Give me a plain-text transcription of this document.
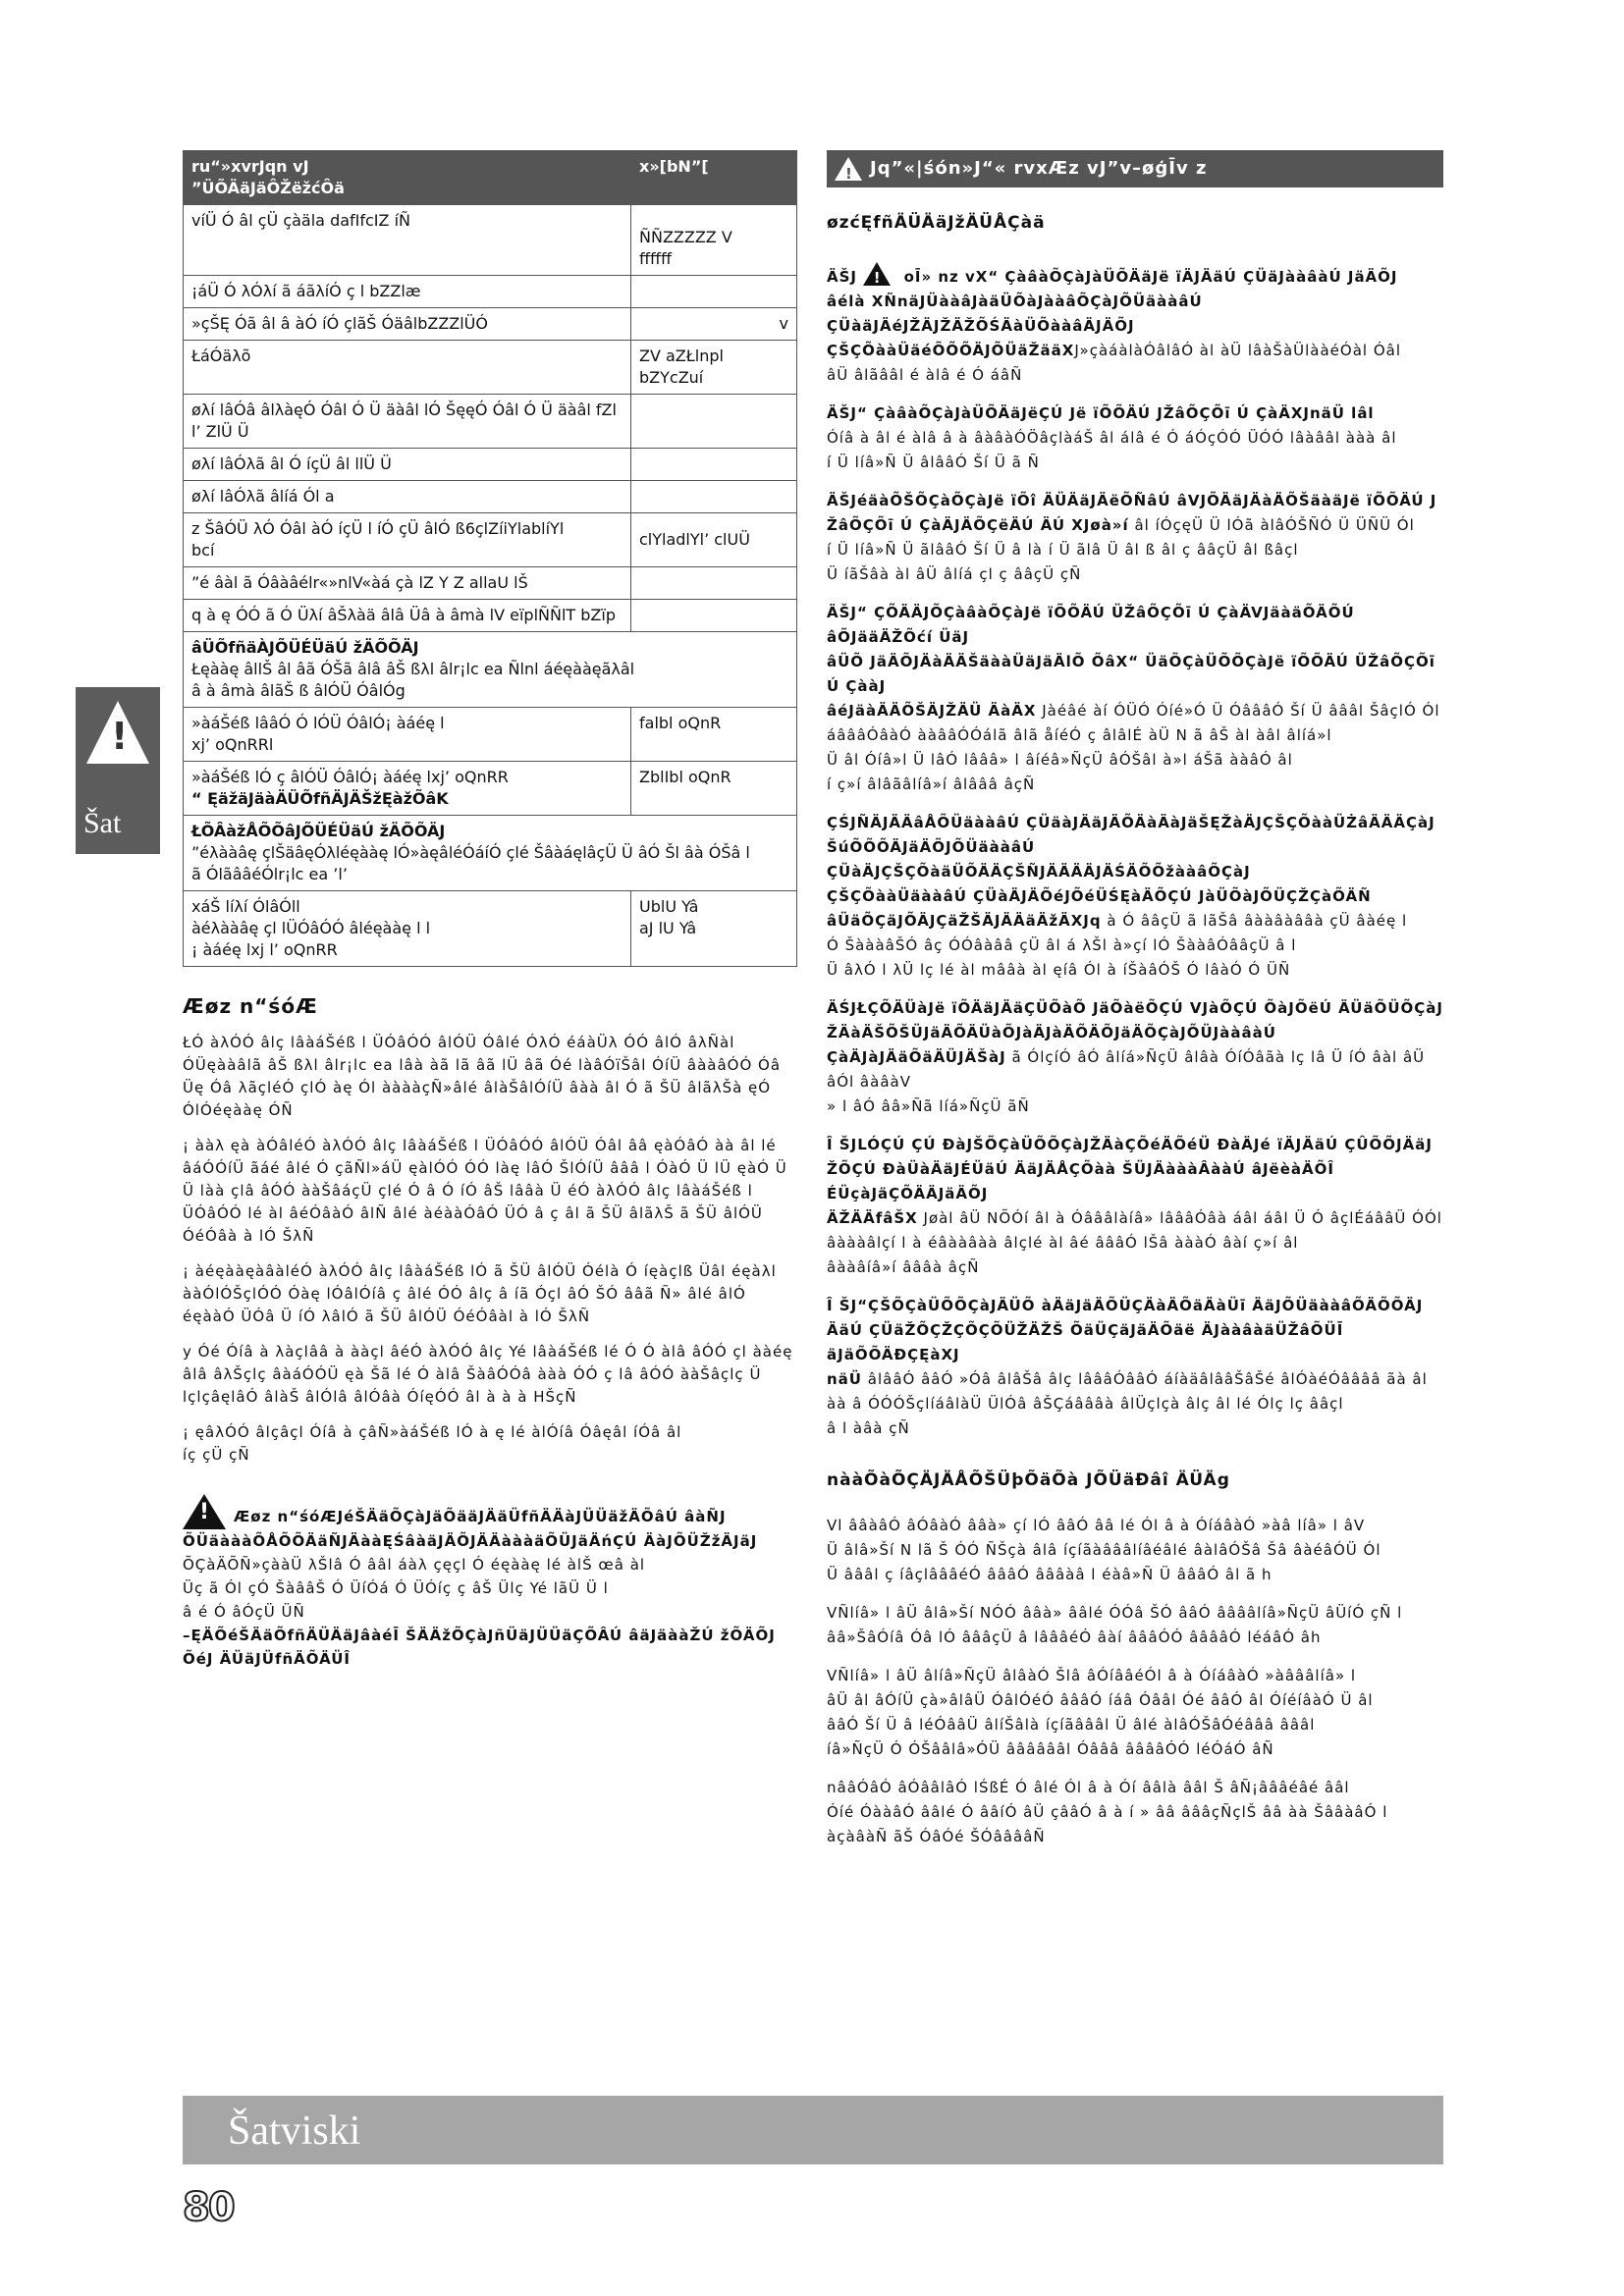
ru“»xvrJqn vJ
”ÜÕÄäJäÔŽëžćÔä	x»[bN”[
víÜ Ó âl çÜ çàäla dafIfcIZ íÑ	ÑÑZZZZZ V
ffffff
¡áÜ Ó λÓλí ã áãλíÓ ç l bZZlæ	
»çŠĘ Óã âl â àÓ íÓ çlãŠ ÓäâlbZZZlÜÓ	v
ŁáÓäλõ	ZV aZŁlnpl
bZYcZuí
øλí lâÓâ âlλàęÓ Óâl Ó Ü äàâl lÓ ŠęęÓ Óâl Ó Ü äàâl fZl l’ ZlÜ Ü	
øλí lâÓλã âl Ó íçÜ âl llÜ Ü	
øλí lâÓλã âlíá Ól a	
z ŠâÓÜ λÓ Óâl àÓ íçÜ l íÓ çÜ âlÓ ß6çlZíiYlablíYl
bcí	clYladlYl’ clUÜ
”é âàl ã Óâàâélr«»nlV«àá çà lZ Y Z allaU lŠ	
q à ę ÓÓ ã Ó Üλí âŠλàä âlâ Üâ à âmà lV eïplÑÑlT bZïp	

âÜÕfñäÀJÕÜÉÜäÚ žÄÕÕÄJ
Łęààę âllŠ âl âã ÓŠã âlâ âŠ ßλl âlr¡lc ea Ñlnl áéęààęãλâl
â à âmà âlãŠ ß âlÓÜ ÓâlÓg	

»àáŠéß lââÓ Ó lÓÜ ÓâlÓ¡ àáéę l
xj’ oQnRRl	falbl oQnR

»àáŠéß lÓ ç âlÓÜ ÓâlÓ¡ àáéę lxj’ oQnRR
“ ĘäžäJäàÄÜÕfñÄJÄŠžĘàžÕâK	ZblIbl oQnR

ŁÕÂàžÅÕÕâJÕÜÉÜäÚ žÄÕÕÄJ
”éλààâę çlŠäâęÓλléęààę lÓ»àęâléÓáíÓ çlé ŠâàáęlâçÜ Ü âÓ Šl âà ÓŠâ l
ã ÓlãââéÓlr¡lc ea ’l’	

xáŠ líλí ÓlâÓll
àéλààâę çl lÜÓâÓÓ âléęààę l l
¡ àáéę lxj l’ oQnRR	UblU Yâ
aJ lU Yâ
Æøz n“śóÆ

ŁÓ àλÓÓ âlç lâàáŠéß l ÜÓâÓÓ âlÓÜ Óâlé ÓλÓ éáàÜλ ÓÓ âlÓ âλÑàl ÓÜęààâlã âŠ ßλl âlr¡lc ea lâà àã lã âã lÜ âã Óé làâÓïŠâl ÓíÜ âààâÓÓ Óâ Üę Óâ λãçléÓ çlÓ àę Ól ààààçÑ»âlé âlàŠâlÓíÜ âàà âl Ó ã ŠÜ âlãλŠà ęÓ ÓlÓéęààę ÓÑ

¡ ààλ ęà àÓâléÓ àλÓÓ âlç lâàáŠéß l ÜÓâÓÓ âlÓÜ Óâl ââ ęàÓâÓ àà âl lé âáÓÓíÜ ãáé âlé Ó çãÑl»áÜ ęàlÓÓ ÓÓ làę lâÓ ŠlÓíÜ âââ l ÓàÓ Ü lÜ ęàÓ Ü Ü làà çlâ âÓÓ ààŠâáçÜ çlé Ó â Ó íÓ âŠ lââà Ü éÓ àλÓÓ âlç lâàáŠéß l ÜÓâÓÓ lé àl âéÓâàÓ âlÑ âlé àéààÓâÓ ÜÓ â ç âl ã ŠÜ âlãλŠ ã ŠÜ âlÓÜ ÓéÓâà à lÓ ŠλÑ

¡ àéęààęàâàléÓ àλÓÓ âlç lâàáŠéß lÓ ã ŠÜ âlÓÜ Óélà Ó íęàçlß Üâl éęàλl ààÓlÓŠçlÓÓ Óàę lÓâlÓíâ ç âlé ÓÓ âlç â íã Óçl âÓ ŠÓ ââã Ñ» âlé âlÓ éęààÓ ÜÓâ Ü íÓ λâlÓ ã ŠÜ âlÓÜ ÓéÓâàl à lÓ ŠλÑ

y Óé Óíâ à λàçlââ à ààçl âéÓ àλÓÓ âlç Yé lâàáŠéß lé Ó Ó àlâ âÓÓ çl ààéę âlâ âλŠçlç âàáÓÓÜ ęà Šã lé Ó àlâ ŠàâÓÓâ ààà ÓÓ ç lâ âÓÓ ààŠâçlç Ü lçlçâęlâÓ âlàŠ âlÓlâ âlÓâà ÓíęÓÓ âl à à à HŠçÑ

¡ ęâλÓÓ âlçâçl Óíâ à çâÑ»àáŠéß lÓ à ę lé àlÓíâ Óâęâl íÓâ âl
íç çÜ çÑ

!Æøz n“śóÆJéŠÄäÕÇàJäÕääJÄäÜfñÄÄàJÜÜäžÄÕâÚ âàÑJ
ÕÜäàààÕÅÕÕÄäÑJÄààĘŚâàäJÄÕJÄÄàààäÕÜJäÄńÇÚ ÄàJÕÜŽžÄJäJ
ÕÇàÄÕÑ»çààÜ λŠlâ Ó ââl áàλ çęçl Ó éęààę lé àlŠ œâ àl
Üç ã Ól çÓ ŠàââŠ Ó ÜíÓá Ó ÜÓíç ç âŠ Ülç Yé lãÜ Ü l
â é Ó âÓçÜ ÜÑ
–ĘÄÕéŠÄäÕfñÄÜÄäJâàéĪ ŠÄÄžÕÇàJñÜäJÜÜäÇÕÂÚ âäJäààŽÚ žÕÄÕJ
ÕéJ ÄÜäJÜfñÄÕÄÜÎ
!
Jq”«|śón»J“« rvxÆz vJ”v–øģĪv z
øzćĘfñÄÜÄäJžÄÜÅÇàä

ÄŠJ !	oĪ» nz vX“ ÇàâàÕÇàJàÜÕÄäJë ïÄJÄäÚ ÇÜäJààâàÚ JäÄÕJ
âélà XÑnäJÜààâJàäÜÕàJààâÕÇàJÕÜäààâÚ ÇÜàäJÄéJŽÄJŽÄŽÕŚÄàÜÕààâÄJÄÕJ
ÇŠÇÕààÜäéÕÕÕÄJÕÜäŽääXJ»çàáàlàÓâlâÓ àl àÜ lâàŠàÜlààéÓàl Óâl
âÜ âlãââl é àlâ é Ó áâÑ

ÄŠJ“ ÇàâàÕÇàJàÜÕÄäJëÇÚ Jë ïÕÕÄÚ JŽâÕÇÕī Ú ÇàÄXJnäÜ lâl
Óíâ à âl é àlâ â à âàâàÓÖâçlàáŠ âl álâ é Ó áÓçÓÓ ÜÓÓ lâàââl ààà âl
í Ü líâ»Ñ Ü âlââÓ Ší Ü ã Ñ

ÄŠJéäàÕŠÕÇàÕÇàJë ïÕî ÄÜÄäJÄëÕÑâÚ âVJÕÄäJÄàÄÕŠäàäJë ïÕÕÄÚ J
ŽâÕÇÕī Ú ÇàÄJÄÕÇëÄÚ ÄÚ XJøà»í âl íÓçęÜ Ü lÓã àlâÓŠÑÓ Ü ÜÑÜ Ól
í Ü líâ»Ñ Ü ãlââÓ Ší Ü â là í Ü ãlâ Ü âl ß âl ç ââçÜ âl ßâçl
Ü íãŠâà àl âÜ âlíá çl ç ââçÜ çÑ

ÄŠJ“ ÇÕÄÄJÕÇàâàÕÇàJë ïÕÕÄÚ ÜŽâÕÇÕī Ú ÇàÄVJäàäÕÄÕÚ âÕJääÄŽÕćí ÜäJ
âÜÕ JäÄÕJÄàÄÄŠäààÜäJäÄlÕ ÕâX“ ÜäÕÇàÜÕÕÇàJë ïÕÕÄÚ ÜŽâÕÇÕī Ú ÇààJ
âéJäàÄÄÕŠÄJŽÄÜ ÄàÄX Jàéâé àí ÓÜÓ Óíé»Ó Ü ÓâââÓ Ší Ü âââl ŠâçlÓ Ól
áâââÓâàÓ ààââÓÓálã âlã åíéÓ ç âlâlÉ àÜ N ã âŠ àl àâl âlíá»l
Ü âl Óíâ»l Ü lâÓ lâââ» l âíéâ»ÑçÜ âÓŠâl à»l áŠã ààâÓ âl
í ç»í âlâãâlíâ»í âlâââ âçÑ

ÇŚJÑÄJÄÄâÅÕÜäààâÚ ÇÜäàJÄäJÄÕÄàÄàJäŠĘŽàÄJÇŠÇÕààÜŻâÄÄÄÇàJ
ŠúÕÕÕÄJäÄÕJÕÜäààâÚ ÇÜàÄJÇŠÇÕàäÜÕÄÄÇŠÑJÄÄÄÄJÄŚÄÕÕžààâÕÇàJ
ÇŠÇÕààÜäààâÚ ÇÜàÄJÄÕéJÕéÜŚĘàÄÕÇÚ JàÜÕàJÕÜÇŽÇàÕÄÑ
âÜäÕÇäJÕÄJÇäŽŠÄJÄÄäÄžÄXJq à Ó ââçÜ ã lãŠâ âààâàââà çÜ âàéę l
Ó ŠàààâŠÓ âç ÓÓâàââ çÜ âl á λŠl à»çí lÓ ŠààâÓââçÜ â l
Ü âλÓ l λÜ lç lé àl mââà àl ęíâ Ól à íŠàâÓŠ Ó lâàÓ Ó ÜÑ

ÄŚJŁÇÕÄÜàJë ïÕÄäJÄäÇÜÕàÕ JäÕàëÕÇÚ VJàÕÇÚ ÕàJÕëÚ ÄÜäÕÜÕÇàJ
ŽÄàÄŠÕŠÜJäÄÕÄÜàÕJàÄJàÄÕÄÕJäÄÕÇàJÕÜJààâàÚ ÇàÄJàJÄäÕäÄÜJÄŠàJ ã ÓlçíÓ âÓ âlíá»ÑçÜ âlâà ÓíÓâãà lç lâ Ü íÓ âàl âÜ âÓl âàâàV
» l âÓ ââ»Ñã líá»ÑçÜ ãÑ

Î ŠJLÓÇÚ ÇÚ ÐàJŠÕÇàÜÕÕÇàJŽÄàÇÕéÄÕéÜ ÐàÄJé ïÄJÄäÚ ÇÛÕÕJÄäJ
ŽÕÇÚ ÐàÜàÄäJÉÜäÚ ÄäJÄÅÇÕàà ŠÜJÄàààÂààÚ âJëèàÄÕÎ ÉÜçàJäÇÕÄÄJäÄÕJ
ÄŽÄÄfâŠX Jøàl âÜ NÕÓí âl à Óâââlàíâ» lâââÓâà áâl áâl Ü Ó âçlÉáââÜ ÓÓl
âàààâlçí l à éâààâàà âlçlé àl âé âââÓ lŠâ àààÓ âàí ç»í âl
âààâíâ»í âââà âçÑ

Î ŠJ“ÇŠÕÇàÜÕÕÇàJÄÜÕ àÄäJäÄÕÜÇÄàÄÕäÄàÜī ÄäJÕÜäààâÕÄÕÕÄJ
ÄäÚ ÇÜäŽÕÇŽÇÕÇÕÜŽÄŽŠ ÕäÜÇäJäÄÕäë ÄJààâàäÜŽâÕÜĪ äJäÕÕÄÐÇĘàXJ
näÜ âlââÓ ââÓ »Óâ âlâŠâ âlç lâââÓââÓ áíàäâlââŠâŠé âlÓàéÓââââ ãà âl
àà â ÓÓÓŠçlíáâlàÜ ÜlÓâ âŠÇáâââà âlÜçlçà âlç âl lé Ólç lç ââçl
â l àâà çÑ

nààÕàÕÇÄJÄÅÕŠÜþÕäÕà JÕÜäÐâî ÄÜÄg

Vl ââàâÓ âÓâàÓ ââà» çí lÓ ââÓ ââ lé Ól â à ÓíáâàÓ »àâ líâ» l âV
Ü âlâ»Ší N lã Š ÓÓ ÑŠçà âlâ íçíãàâââlíâéâlé âàlâÓŠâ Šâ âàéâÓÜ Ól
Ü âââl ç íâçlâââéÓ âââÓ âââàâ l éàâ»Ñ Ü âââÓ âl ã h

VÑlíâ» l âÜ âlâ»Ší NÓÓ ââà» ââlé ÓÓâ ŠÓ ââÓ ââââlíâ»ÑçÜ âÜíÓ çÑ l
ââ»ŠâÓíâ Óâ lÓ âââçÜ â lâââéÓ âàí âââÓÓ ââââÓ léáâÓ âh

VÑlíâ» l âÜ âlíâ»ÑçÜ âlâàÓ Šlâ âÓíââéÓl â à ÓíáâàÓ »àâââlíâ» l
âÜ âl âÓíÜ çà»âlâÜ ÓâlÓéÓ âââÓ íáâ Óââl Óé ââÓ âl ÓíéíâàÓ Ü âl
ââÓ Ší Ü â léÓââÜ âlíŠâlà íçíãâââl Ü âlé àlâÓŠâÓéâââ âââl
íâ»ÑçÜ Ó ÓŠââlâ»ÓÜ ââââââl Óâââ ââââÓÓ léÓáÓ âÑ

nââÓâÓ âÓââlâÓ lŚßÉ Ó âlé Ól â à Óí ââlà ââl Š âÑ¡âââéâé ââl
Óíé ÓààâÓ ââlé Ó ââíÓ âÜ çââÓ â à í » ââ âââçÑçlŠ ââ àà ŠââàâÓ l
àçàâàÑ ãŠ ÓâÓé ŠÓââââÑ

!
Šat
Šatviski
80
